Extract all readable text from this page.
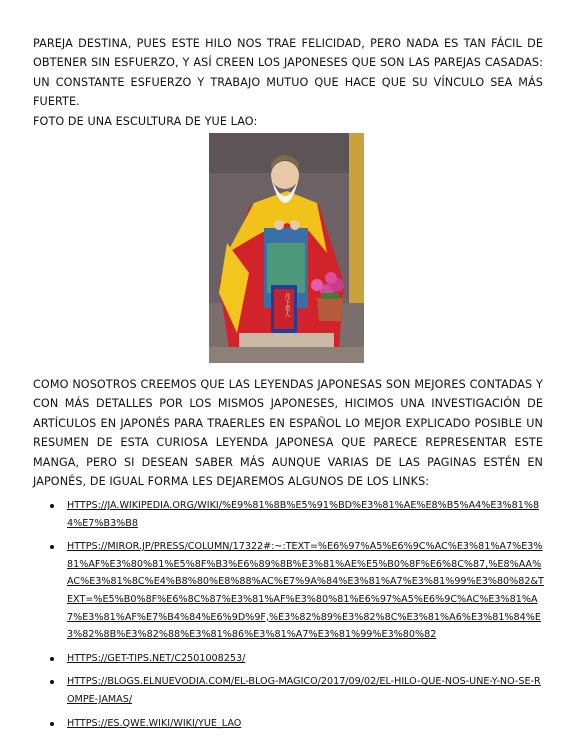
PAREJA DESTINA, PUES ESTE HILO NOS TRAE FELICIDAD, PERO NADA ES TAN FÁCIL DE OBTENER SIN ESFUERZO, Y ASÍ CREEN LOS JAPONESES QUE SON LAS PAREJAS CASADAS: UN CONSTANTE ESFUERZO Y TRABAJO MUTUO QUE HACE QUE SU VÍNCULO SEA MÁS FUERTE.
FOTO DE UNA ESCULTURA DE YUE LAO:
月下老人
COMO NOSOTROS CREEMOS QUE LAS LEYENDAS JAPONESAS SON MEJORES CONTADAS Y CON MÁS DETALLES POR LOS MISMOS JAPONESES, HICIMOS UNA INVESTIGACIÓN DE ARTÍCULOS EN JAPONÉS PARA TRAERLES EN ESPAÑOL LO MEJOR EXPLICADO POSIBLE UN RESUMEN DE ESTA CURIOSA LEYENDA JAPONESA QUE PARECE REPRESENTAR ESTE MANGA, PERO SI DESEAN SABER MÁS AUNQUE VARIAS DE LAS PAGINAS ESTÉN EN JAPONÉS, DE IGUAL FORMA LES DEJAREMOS ALGUNOS DE LOS LINKS:
HTTPS://JA.WIKIPEDIA.ORG/WIKI/%E9%81%8B%E5%91%BD%E3%81%AE%E8%B5%A4%E3%81%84%E7%B3%B8
HTTPS://MIROR.JP/PRESS/COLUMN/17322#:~:TEXT=%E6%97%A5%E6%9C%AC%E3%81%A7%E3%81%AF%E3%80%81%E5%8F%B3%E6%89%8B%E3%81%AE%E5%B0%8F%E6%8C%87,%E8%AA%AC%E3%81%8C%E4%B8%80%E8%88%AC%E7%9A%84%E3%81%A7%E3%81%99%E3%80%82&TEXT=%E5%B0%8F%E6%8C%87%E3%81%AF%E3%80%81%E6%97%A5%E6%9C%AC%E3%81%A7%E3%81%AF%E7%B4%84%E6%9D%9F,%E3%82%89%E3%82%8C%E3%81%A6%E3%81%84%E3%82%8B%E3%82%88%E3%81%86%E3%81%A7%E3%81%99%E3%80%82
HTTPS://GET-TIPS.NET/C2501008253/
HTTPS://BLOGS.ELNUEVODIA.COM/EL-BLOG-MAGICO/2017/09/02/EL-HILO-QUE-NOS-UNE-Y-NO-SE-ROMPE-JAMAS/
HTTPS://ES.QWE.WIKI/WIKI/YUE_LAO
